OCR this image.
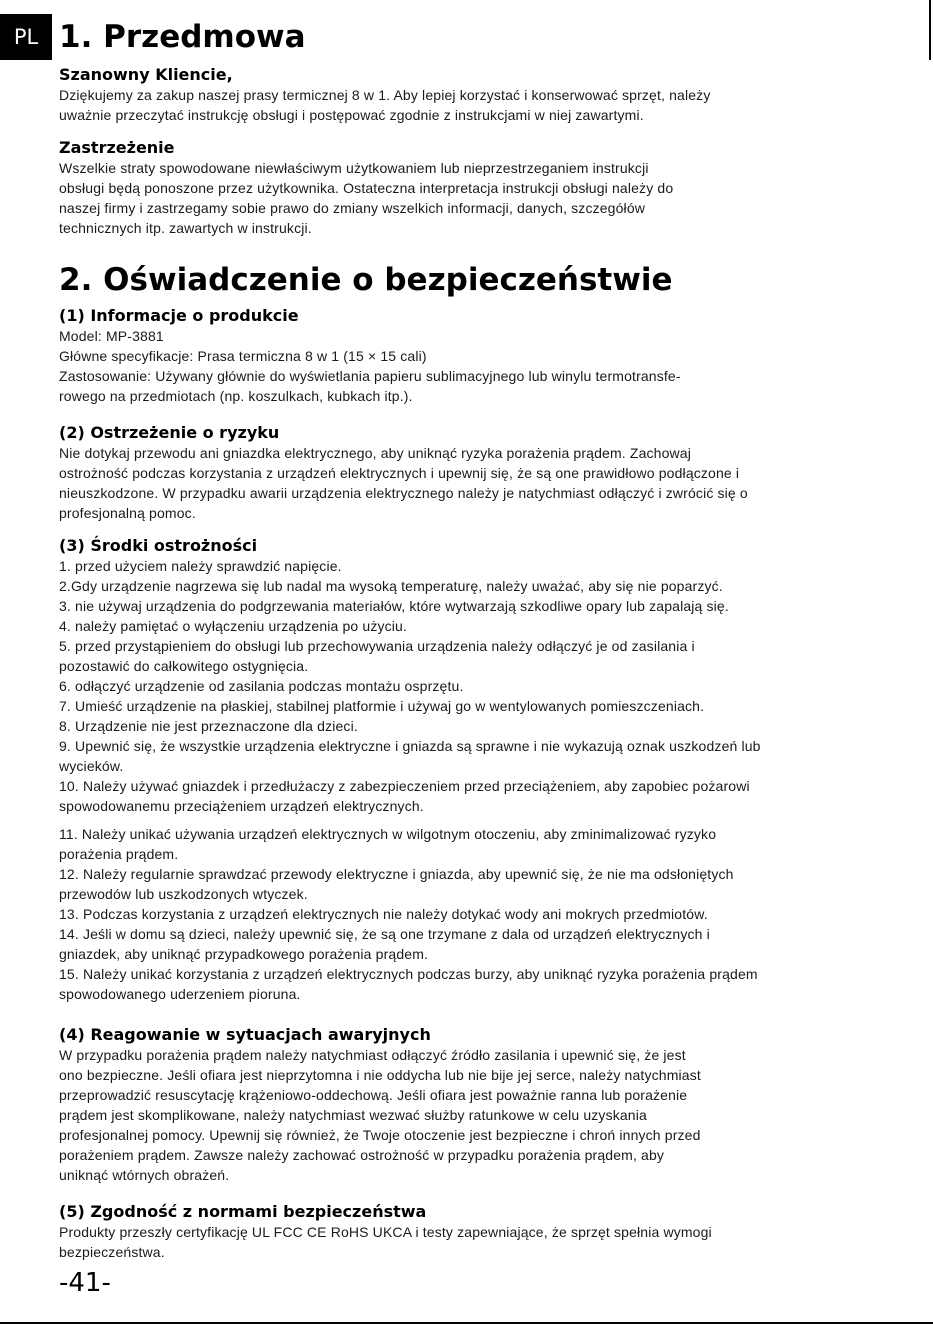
PL 1. Przedmowa
Szanowny Kliencie,
Dziękujemy za zakup naszej prasy termicznej 8 w 1. Aby lepiej korzystać i konserwować sprzęt, należy
uważnie przeczytać instrukcję obsługi i postępować zgodnie z instrukcjami w niej zawartymi.
Zastrzeżenie
Wszelkie straty spowodowane niewłaściwym użytkowaniem lub nieprzestrzeganiem instrukcji
obsługi będą ponoszone przez użytkownika. Ostateczna interpretacja instrukcji obsługi należy do
naszej firmy i zastrzegamy sobie prawo do zmiany wszelkich informacji, danych, szczegółów
technicznych itp. zawartych w instrukcji.
2. Oświadczenie o bezpieczeństwie
(1) Informacje o produkcie
Model: MP-3881
Główne specyfikacje: Prasa termiczna 8 w 1 (15 × 15 cali)
Zastosowanie: Używany głównie do wyświetlania papieru sublimacyjnego lub winylu termotransfe-
rowego na przedmiotach (np. koszulkach, kubkach itp.).
(2) Ostrzeżenie o ryzyku
Nie dotykaj przewodu ani gniazdka elektrycznego, aby uniknąć ryzyka porażenia prądem. Zachowaj
ostrożność podczas korzystania z urządzeń elektrycznych i upewnij się, że są one prawidłowo podłączone i
nieuszkodzone. W przypadku awarii urządzenia elektrycznego należy je natychmiast odłączyć i zwrócić się o
profesjonalną pomoc.
(3) Środki ostrożności
1. przed użyciem należy sprawdzić napięcie.
2.Gdy urządzenie nagrzewa się lub nadal ma wysoką temperaturę, należy uważać, aby się nie poparzyć.
3. nie używaj urządzenia do podgrzewania materiałów, które wytwarzają szkodliwe opary lub zapalają się.
4. należy pamiętać o wyłączeniu urządzenia po użyciu.
5. przed przystąpieniem do obsługi lub przechowywania urządzenia należy odłączyć je od zasilania i
pozostawić do całkowitego ostygnięcia.
6. odłączyć urządzenie od zasilania podczas montażu osprzętu.
7. Umieść urządzenie na płaskiej, stabilnej platformie i używaj go w wentylowanych pomieszczeniach.
8. Urządzenie nie jest przeznaczone dla dzieci.
9. Upewnić się, że wszystkie urządzenia elektryczne i gniazda są sprawne i nie wykazują oznak uszkodzeń lub
wycieków.
10. Należy używać gniazdek i przedłużaczy z zabezpieczeniem przed przeciążeniem, aby zapobiec pożarowi
spowodowanemu przeciążeniem urządzeń elektrycznych.
11. Należy unikać używania urządzeń elektrycznych w wilgotnym otoczeniu, aby zminimalizować ryzyko
porażenia prądem.
12. Należy regularnie sprawdzać przewody elektryczne i gniazda, aby upewnić się, że nie ma odsłoniętych
przewodów lub uszkodzonych wtyczek.
13. Podczas korzystania z urządzeń elektrycznych nie należy dotykać wody ani mokrych przedmiotów.
14. Jeśli w domu są dzieci, należy upewnić się, że są one trzymane z dala od urządzeń elektrycznych i
gniazdek, aby uniknąć przypadkowego porażenia prądem.
15. Należy unikać korzystania z urządzeń elektrycznych podczas burzy, aby uniknąć ryzyka porażenia prądem
spowodowanego uderzeniem pioruna.
(4) Reagowanie w sytuacjach awaryjnych
W przypadku porażenia prądem należy natychmiast odłączyć źródło zasilania i upewnić się, że jest
ono bezpieczne. Jeśli ofiara jest nieprzytomna i nie oddycha lub nie bije jej serce, należy natychmiast
przeprowadzić resuscytację krążeniowo-oddechową. Jeśli ofiara jest poważnie ranna lub porażenie
prądem jest skomplikowane, należy natychmiast wezwać służby ratunkowe w celu uzyskania
profesjonalnej pomocy. Upewnij się również, że Twoje otoczenie jest bezpieczne i chroń innych przed
porażeniem prądem. Zawsze należy zachować ostrożność w przypadku porażenia prądem, aby
uniknąć wtórnych obrażeń.
(5) Zgodność z normami bezpieczeństwa
Produkty przeszły certyfikację UL FCC CE RoHS UKCA i testy zapewniające, że sprzęt spełnia wymogi
bezpieczeństwa.
-41-
